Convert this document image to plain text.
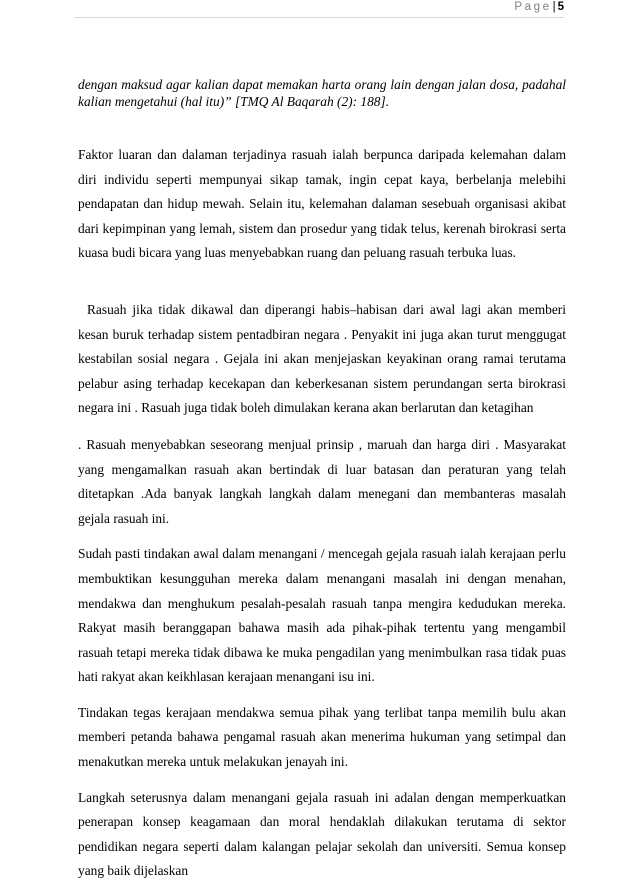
Page| 5

dengan maksud agar kalian dapat memakan harta orang lain dengan jalan dosa, padahal kalian mengetahui (hal itu)” [TMQ Al Baqarah (2): 188].

Faktor luaran dan dalaman terjadinya rasuah ialah berpunca daripada kelemahan dalam diri individu seperti mempunyai sikap tamak, ingin cepat kaya, berbelanja melebihi pendapatan dan hidup mewah. Selain itu, kelemahan dalaman sesebuah organisasi akibat dari kepimpinan yang lemah, sistem dan prosedur yang tidak telus, kerenah birokrasi serta kuasa budi bicara yang luas menyebabkan ruang dan peluang rasuah terbuka luas.

Rasuah jika tidak dikawal dan diperangi habis–habisan dari awal lagi akan memberi kesan buruk terhadap sistem pentadbiran negara . Penyakit ini juga akan turut menggugat kestabilan sosial negara . Gejala ini akan menjejaskan keyakinan orang ramai terutama pelabur asing terhadap kecekapan dan keberkesanan sistem perundangan serta birokrasi negara ini . Rasuah juga tidak boleh dimulakan kerana akan berlarutan dan ketagihan

. Rasuah menyebabkan seseorang menjual prinsip , maruah dan harga diri . Masyarakat yang mengamalkan rasuah akan bertindak di luar batasan dan peraturan yang telah ditetapkan .Ada banyak langkah langkah dalam menegani dan membanteras masalah gejala rasuah ini.

Sudah pasti tindakan awal dalam menangani / mencegah gejala rasuah ialah kerajaan perlu membuktikan kesungguhan mereka dalam menangani masalah ini dengan menahan, mendakwa dan menghukum pesalah-pesalah rasuah tanpa mengira kedudukan mereka. Rakyat masih beranggapan bahawa masih ada pihak-pihak tertentu yang mengambil rasuah tetapi mereka tidak dibawa ke muka pengadilan yang menimbulkan rasa tidak puas hati rakyat akan keikhlasan kerajaan menangani isu ini.

Tindakan tegas kerajaan mendakwa semua pihak yang terlibat tanpa memilih bulu akan memberi petanda bahawa pengamal rasuah akan menerima hukuman yang setimpal dan menakutkan mereka untuk melakukan jenayah ini.

Langkah seterusnya dalam menangani gejala rasuah ini adalan dengan memperkuatkan penerapan konsep keagamaan dan moral hendaklah dilakukan terutama di sektor pendidikan negara seperti dalam kalangan pelajar sekolah dan universiti. Semua konsep yang baik dijelaskan
